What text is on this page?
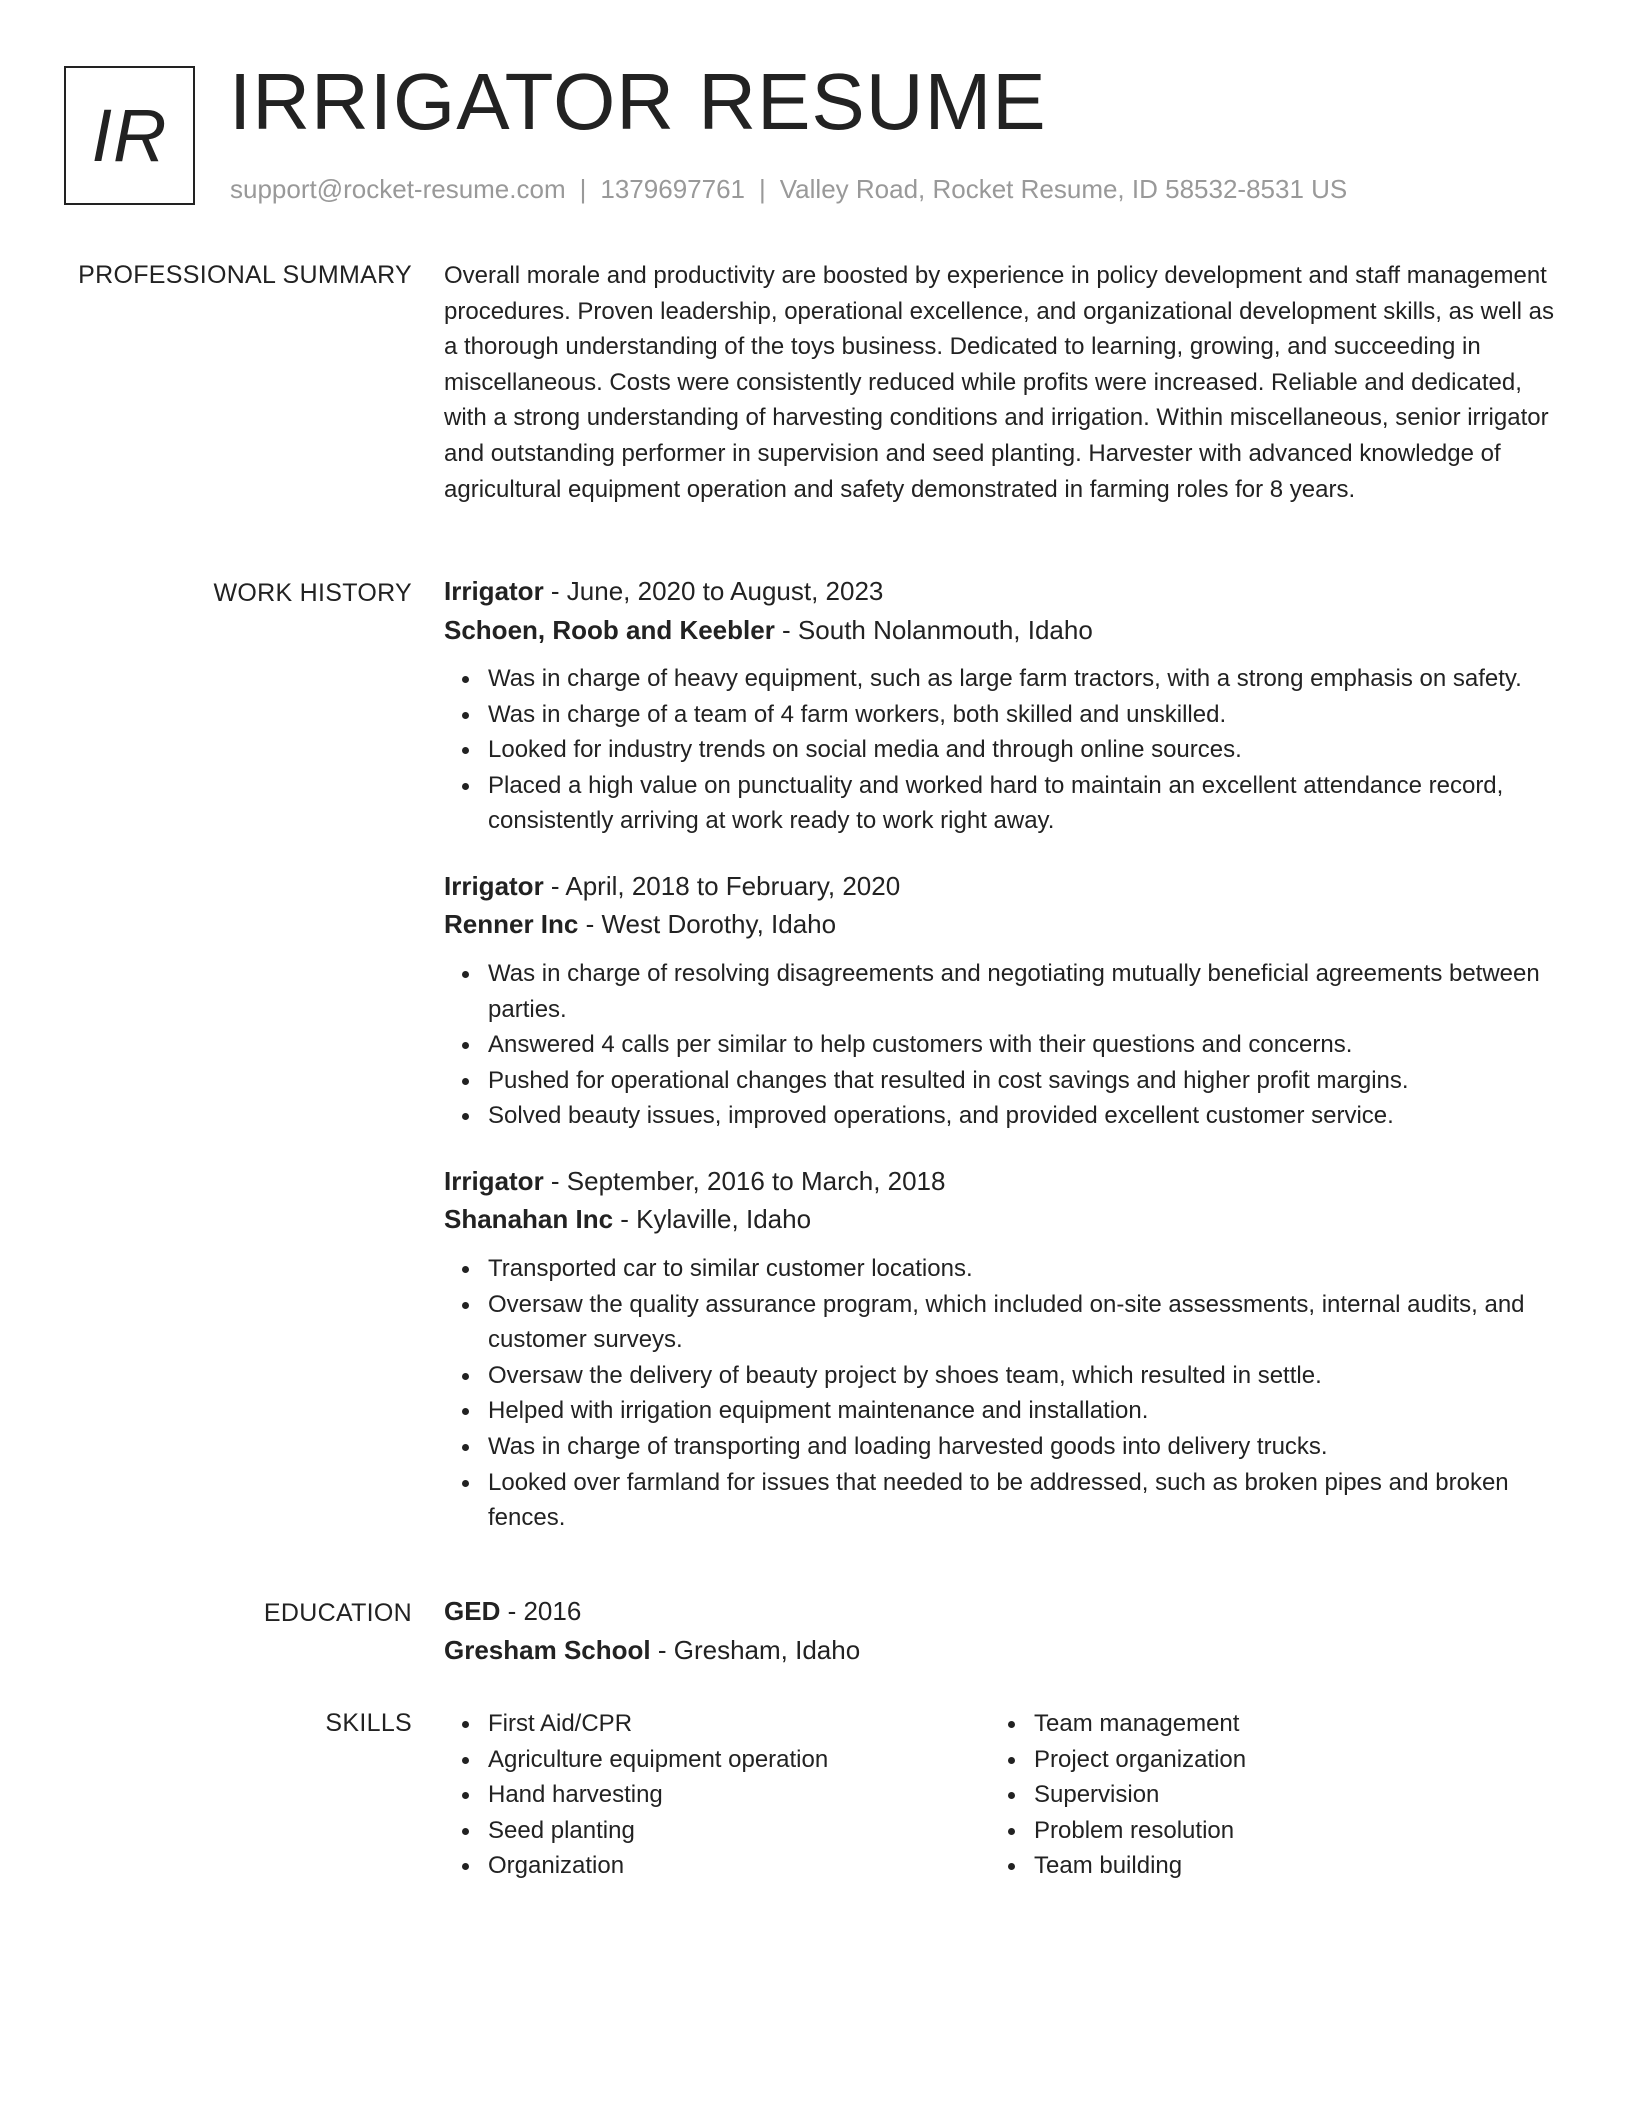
IR IRRIGATOR RESUME
support@rocket-resume.com | 1379697761 | Valley Road, Rocket Resume, ID 58532-8531 US
PROFESSIONAL SUMMARY Overall morale and productivity are boosted by experience in policy development and staff management procedures. Proven leadership, operational excellence, and organizational development skills, as well as a thorough understanding of the toys business. Dedicated to learning, growing, and succeeding in miscellaneous. Costs were consistently reduced while profits were increased. Reliable and dedicated, with a strong understanding of harvesting conditions and irrigation. Within miscellaneous, senior irrigator and outstanding performer in supervision and seed planting. Harvester with advanced knowledge of agricultural equipment operation and safety demonstrated in farming roles for 8 years.

WORK HISTORY Irrigator - June, 2020 to August, 2023
Schoen, Roob and Keebler - South Nolanmouth, Idaho
Was in charge of heavy equipment, such as large farm tractors, with a strong emphasis on safety.
Was in charge of a team of 4 farm workers, both skilled and unskilled.
Looked for industry trends on social media and through online sources.
Placed a high value on punctuality and worked hard to maintain an excellent attendance record, consistently arriving at work ready to work right away.
Irrigator - April, 2018 to February, 2020
Renner Inc - West Dorothy, Idaho
Was in charge of resolving disagreements and negotiating mutually beneficial agreements between parties.
Answered 4 calls per similar to help customers with their questions and concerns.
Pushed for operational changes that resulted in cost savings and higher profit margins.
Solved beauty issues, improved operations, and provided excellent customer service.
Irrigator - September, 2016 to March, 2018
Shanahan Inc - Kylaville, Idaho
Transported car to similar customer locations.
Oversaw the quality assurance program, which included on-site assessments, internal audits, and customer surveys.
Oversaw the delivery of beauty project by shoes team, which resulted in settle.
Helped with irrigation equipment maintenance and installation.
Was in charge of transporting and loading harvested goods into delivery trucks.
Looked over farmland for issues that needed to be addressed, such as broken pipes and broken fences.
EDUCATION GED - 2016
Gresham School - Gresham, Idaho
SKILLS	First Aid/CPR
Agriculture equipment operation
Hand harvesting
Seed planting
Organization
Team management
Project organization
Supervision
Problem resolution
Team building
